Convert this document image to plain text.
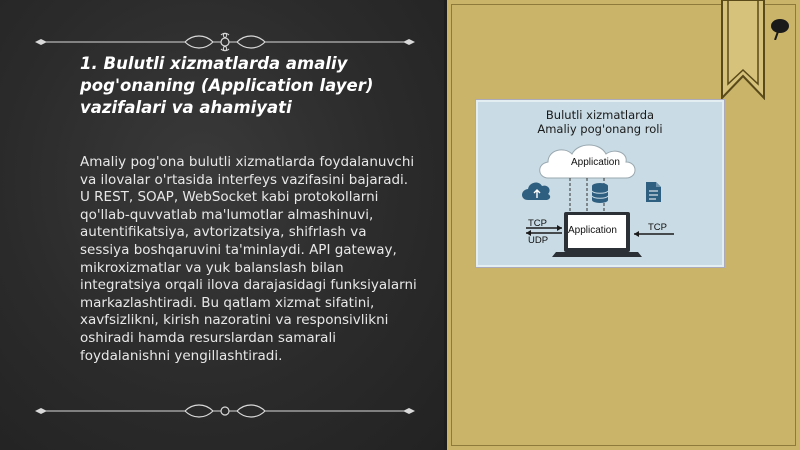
1. Bulutli xizmatlarda amaliy pog'onaning (Application layer) vazifalari va ahamiyati

Amaliy pog'ona bulutli xizmatlarda foydalanuvchi va ilovalar o'rtasida interfeys vazifasini bajaradi. U REST, SOAP, WebSocket kabi protokollarni qo'llab-quvvatlab ma'lumotlar almashinuvi, autentifikatsiya, avtorizatsiya, shifrlash va sessiya boshqaruvini ta'minlaydi. API gateway, mikroxizmatlar va yuk balanslash bilan integratsiya orqali ilova darajasidagi funksiyalarni markazlashtiradi. Bu qatlam xizmat sifatini, xavfsizlikni, kirish nazoratini va responsivlikni oshiradi hamda resurslardan samarali foydalanishni yengillashtiradi.

Bulutli xizmatlarda
Amaliy pog'onang roli
Application
Application
TCP
UDP
TCP
